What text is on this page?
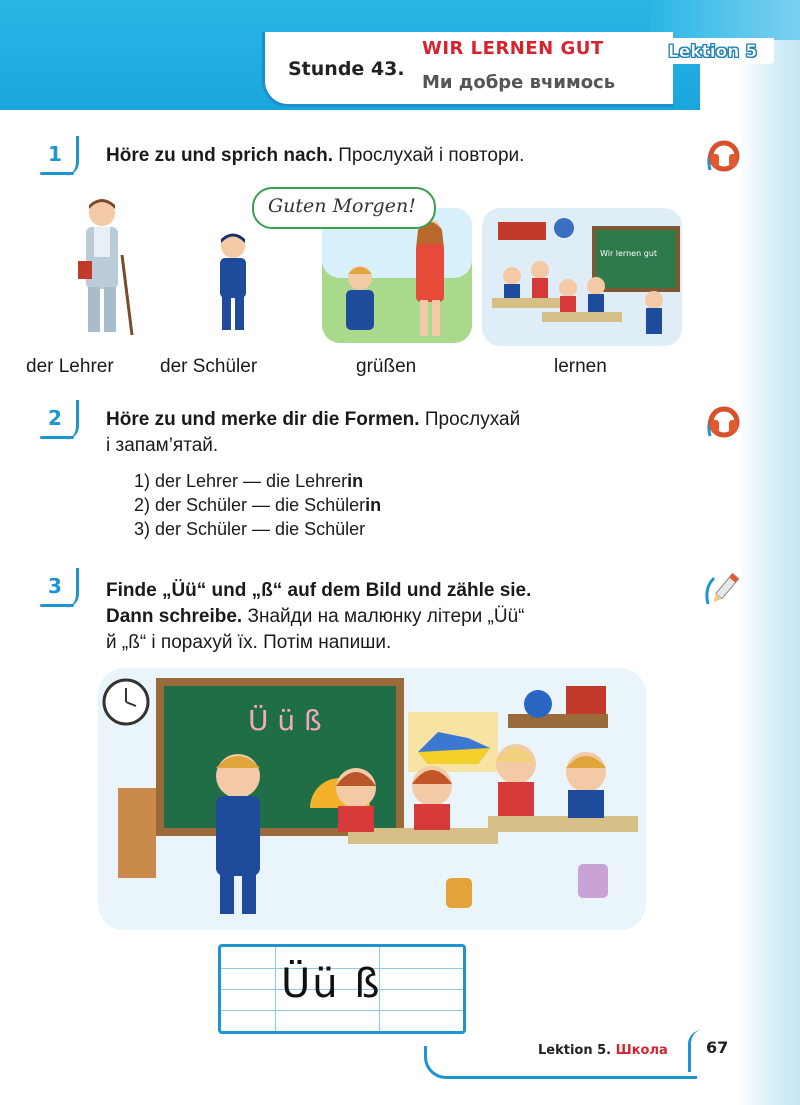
Stunde 43.
WIR LERNEN GUT
Ми добре вчимось
Lektion 5
1 Höre zu und sprich nach. Прослухай і повтори.
Guten Morgen!
Wir lernen gut
der Lehrer der Schüler	grüßen	lernen
2 Höre zu und merke dir die Formen. Прослухай
і запам’ятай.
1) der Lehrer — die Lehrerin
2) der Schüler — die Schülerin
3) der Schüler — die Schüler
3 Finde „Üü“ und „ß“ auf dem Bild und zähle sie.
Dann schreibe. Знайди на малюнку літери „Üü“
й „ß“ і порахуй їх. Потім напиши.
Ü ü ß
Üü ß
Lektion 5. Школа 67
